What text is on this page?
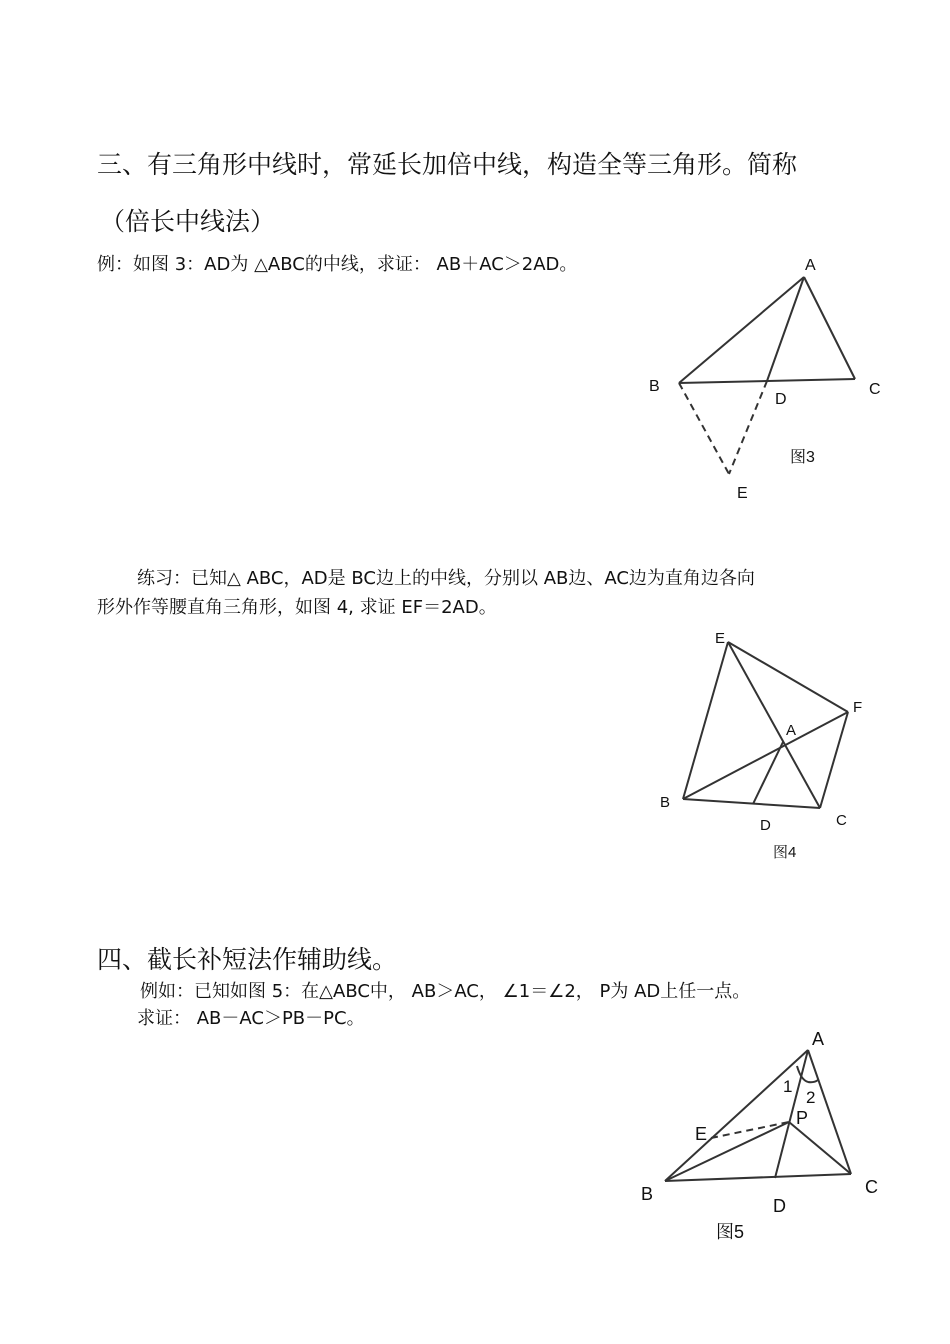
三、有三角形中线时，常延长加倍中线，构造全等三角形。简称

（倍长中线法）

例：如图 3：AD为 △ABC的中线，求证： AB＋AC＞2AD。	A
B	C
D
E
图3

练习：已知△ ABC，AD是 BC边上的中线，分别以 AB边、AC边为直角边各向

形外作等腰直角三角形，如图 4, 求证 EF＝2AD。

E
F
A
B
C
D
图4

四、截长补短法作辅助线。

例如：已知如图 5：在△ABC中， AB＞AC， ∠1＝∠2， P为 AD上任一点。

求证： AB－AC＞PB－PC。

A
1
2
P
E
B	C
D
图5
